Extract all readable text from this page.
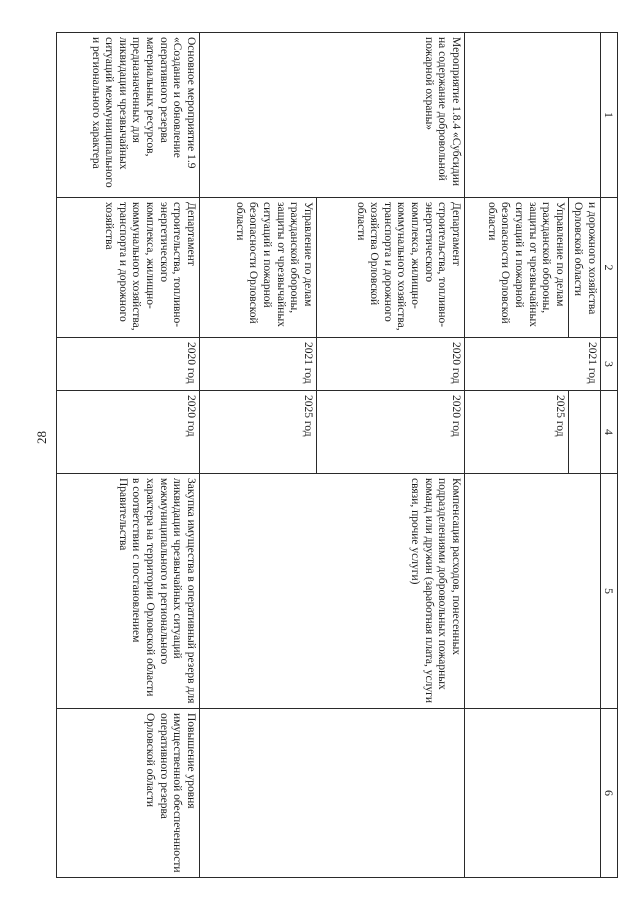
28
1	2	3	4	5	6
	и дорожного хозяйства Орловской области	2021 год			
	Управление по делам гражданской обороны, защиты от чрезвычайных ситуаций и пожарной безопасности Орловской области		2025 год		
Мероприятие 1.8.4 «Субсидии на содержание добровольной пожарной охраны»	Департамент строительства, топливно-энергетического комплекса, жилищно-коммунального хозяйства, транспорта и дорожного хозяйства Орловской области	2020 год	2020 год	Компенсация расходов, понесенных подразделениями добровольных пожарных команд или дружин (заработная плата, услуги связи, прочие услуги)	
	Управление по делам гражданской обороны, защиты от чрезвычайных ситуаций и пожарной безопасности Орловской области	2021 год	2025 год		
Основное мероприятие 1.9 «Создание и обновление оперативного резерва материальных ресурсов, предназначенных для ликвидации чрезвычайных ситуаций межмуниципального и регионального характера	Департамент строительства, топливно-энергетического комплекса, жилищно-коммунального хозяйства, транспорта и дорожного хозяйства	2020 год	2020 год	Закупка имущества в оперативный резерв для ликвидации чрезвычайных ситуаций межмуниципального и регионального характера на территории Орловской области в соответствии с постановлением Правительства	Повышение уровня имущественной обеспеченности оперативного резерва Орловской области
